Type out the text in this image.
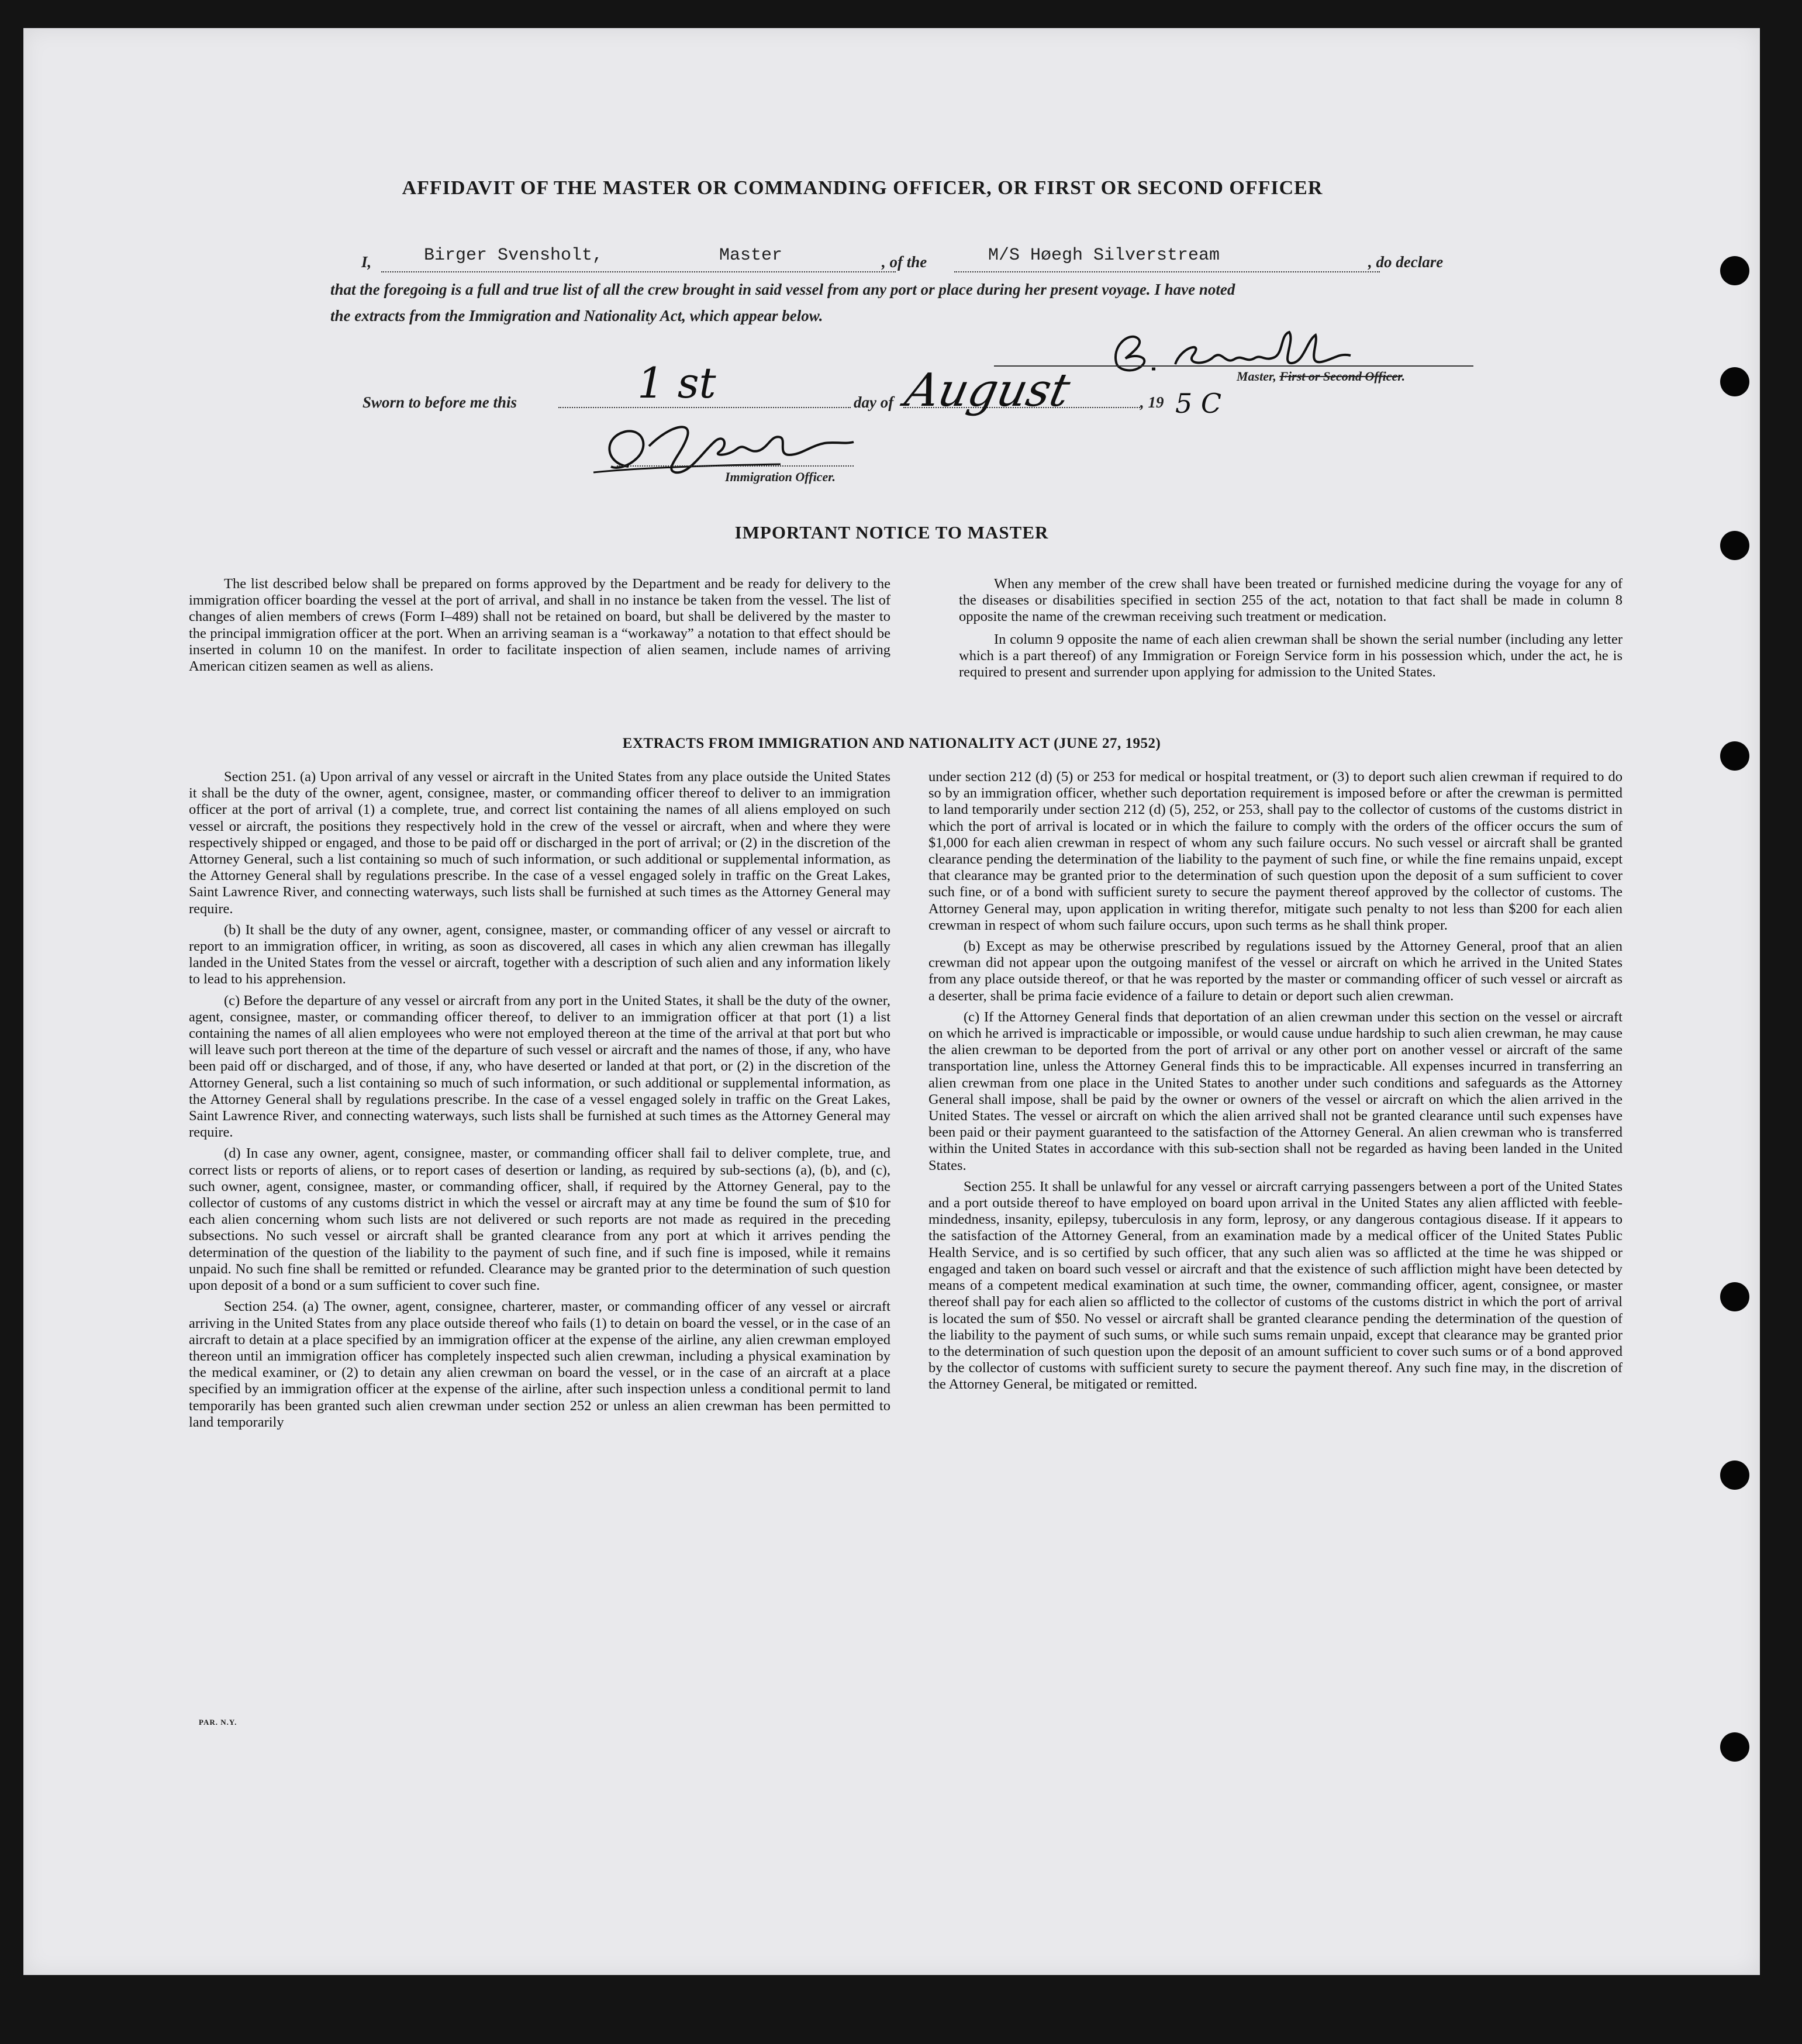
AFFIDAVIT OF THE MASTER OR COMMANDING OFFICER, OR FIRST OR SECOND OFFICER
I,	Birger Svensholt,	Master	, of the	M/S Høegh Silverstream	, do declare
that the foregoing is a full and true list of all the crew brought in said vessel from any port or place during her present voyage. I have noted
the extracts from the Immigration and Nationality Act, which appear below.
Master, First or Second Officer.
Sworn to before me this	1 st	day of August	, 19 5 C
Immigration Officer.
IMPORTANT NOTICE TO MASTER

The list described below shall be prepared on forms approved by the Department and be ready for delivery to the immigration officer boarding the vessel at the port of arrival, and shall in no instance be taken from the vessel. The list of changes of alien members of crews (Form I–489) shall not be retained on board, but shall be delivered by the master to the principal immigration officer at the port. When an arriving seaman is a “workaway” a notation to that effect should be inserted in column 10 on the manifest. In order to facilitate inspection of alien seamen, include names of arriving American citizen seamen as well as aliens.

When any member of the crew shall have been treated or furnished medicine during the voyage for any of the diseases or disabilities specified in section 255 of the act, notation to that fact shall be made in column 8 opposite the name of the crewman receiving such treatment or medication.

In column 9 opposite the name of each alien crewman shall be shown the serial number (including any letter which is a part thereof) of any Immigration or Foreign Service form in his possession which, under the act, he is required to present and surrender upon applying for admission to the United States.

EXTRACTS FROM IMMIGRATION AND NATIONALITY ACT (JUNE 27, 1952)

Section 251. (a) Upon arrival of any vessel or aircraft in the United States from any place outside the United States it shall be the duty of the owner, agent, consignee, master, or commanding officer thereof to deliver to an immigration officer at the port of arrival (1) a complete, true, and correct list containing the names of all aliens employed on such vessel or aircraft, the positions they respectively hold in the crew of the vessel or aircraft, when and where they were respectively shipped or engaged, and those to be paid off or discharged in the port of arrival; or (2) in the discretion of the Attorney General, such a list containing so much of such information, or such additional or supplemental information, as the Attorney General shall by regulations prescribe. In the case of a vessel engaged solely in traffic on the Great Lakes, Saint Lawrence River, and connecting waterways, such lists shall be furnished at such times as the Attorney General may require.

(b) It shall be the duty of any owner, agent, consignee, master, or commanding officer of any vessel or aircraft to report to an immigration officer, in writing, as soon as discovered, all cases in which any alien crewman has illegally landed in the United States from the vessel or aircraft, together with a description of such alien and any information likely to lead to his apprehension.

(c) Before the departure of any vessel or aircraft from any port in the United States, it shall be the duty of the owner, agent, consignee, master, or commanding officer thereof, to deliver to an immigration officer at that port (1) a list containing the names of all alien employees who were not employed thereon at the time of the arrival at that port but who will leave such port thereon at the time of the departure of such vessel or aircraft and the names of those, if any, who have been paid off or discharged, and of those, if any, who have deserted or landed at that port, or (2) in the discretion of the Attorney General, such a list containing so much of such information, or such additional or supplemental information, as the Attorney General shall by regulations prescribe. In the case of a vessel engaged solely in traffic on the Great Lakes, Saint Lawrence River, and connecting waterways, such lists shall be furnished at such times as the Attorney General may require.

(d) In case any owner, agent, consignee, master, or commanding officer shall fail to deliver complete, true, and correct lists or reports of aliens, or to report cases of desertion or landing, as required by sub-sections (a), (b), and (c), such owner, agent, consignee, master, or commanding officer, shall, if required by the Attorney General, pay to the collector of customs of any customs district in which the vessel or aircraft may at any time be found the sum of $10 for each alien concerning whom such lists are not delivered or such reports are not made as required in the preceding subsections. No such vessel or aircraft shall be granted clearance from any port at which it arrives pending the determination of the question of the liability to the payment of such fine, and if such fine is imposed, while it remains unpaid. No such fine shall be remitted or refunded. Clearance may be granted prior to the determination of such question upon deposit of a bond or a sum sufficient to cover such fine.

Section 254. (a) The owner, agent, consignee, charterer, master, or commanding officer of any vessel or aircraft arriving in the United States from any place outside thereof who fails (1) to detain on board the vessel, or in the case of an aircraft to detain at a place specified by an immigration officer at the expense of the airline, any alien crewman employed thereon until an immigration officer has completely inspected such alien crewman, including a physical examination by the medical examiner, or (2) to detain any alien crewman on board the vessel, or in the case of an aircraft at a place specified by an immigration officer at the expense of the airline, after such inspection unless a conditional permit to land temporarily has been granted such alien crewman under section 252 or unless an alien crewman has been permitted to land temporarily

under section 212 (d) (5) or 253 for medical or hospital treatment, or (3) to deport such alien crewman if required to do so by an immigration officer, whether such deportation requirement is imposed before or after the crewman is permitted to land temporarily under section 212 (d) (5), 252, or 253, shall pay to the collector of customs of the customs district in which the port of arrival is located or in which the failure to comply with the orders of the officer occurs the sum of $1,000 for each alien crewman in respect of whom any such failure occurs. No such vessel or aircraft shall be granted clearance pending the determination of the liability to the payment of such fine, or while the fine remains unpaid, except that clearance may be granted prior to the determination of such question upon the deposit of a sum sufficient to cover such fine, or of a bond with sufficient surety to secure the payment thereof approved by the collector of customs. The Attorney General may, upon application in writing therefor, mitigate such penalty to not less than $200 for each alien crewman in respect of whom such failure occurs, upon such terms as he shall think proper.

(b) Except as may be otherwise prescribed by regulations issued by the Attorney General, proof that an alien crewman did not appear upon the outgoing manifest of the vessel or aircraft on which he arrived in the United States from any place outside thereof, or that he was reported by the master or commanding officer of such vessel or aircraft as a deserter, shall be prima facie evidence of a failure to detain or deport such alien crewman.

(c) If the Attorney General finds that deportation of an alien crewman under this section on the vessel or aircraft on which he arrived is impracticable or impossible, or would cause undue hardship to such alien crewman, he may cause the alien crewman to be deported from the port of arrival or any other port on another vessel or aircraft of the same transportation line, unless the Attorney General finds this to be impracticable. All expenses incurred in transferring an alien crewman from one place in the United States to another under such conditions and safeguards as the Attorney General shall impose, shall be paid by the owner or owners of the vessel or aircraft on which the alien arrived in the United States. The vessel or aircraft on which the alien arrived shall not be granted clearance until such expenses have been paid or their payment guaranteed to the satisfaction of the Attorney General. An alien crewman who is transferred within the United States in accordance with this sub-section shall not be regarded as having been landed in the United States.

Section 255. It shall be unlawful for any vessel or aircraft carrying passengers between a port of the United States and a port outside thereof to have employed on board upon arrival in the United States any alien afflicted with feeble-mindedness, insanity, epilepsy, tuberculosis in any form, leprosy, or any dangerous contagious disease. If it appears to the satisfaction of the Attorney General, from an examination made by a medical officer of the United States Public Health Service, and is so certified by such officer, that any such alien was so afflicted at the time he was shipped or engaged and taken on board such vessel or aircraft and that the existence of such affliction might have been detected by means of a competent medical examination at such time, the owner, commanding officer, agent, consignee, or master thereof shall pay for each alien so afflicted to the collector of customs of the customs district in which the port of arrival is located the sum of $50. No vessel or aircraft shall be granted clearance pending the determination of the question of the liability to the payment of such sums, or while such sums remain unpaid, except that clearance may be granted prior to the determination of such question upon the deposit of an amount sufficient to cover such sums or of a bond approved by the collector of customs with sufficient surety to secure the payment thereof. Any such fine may, in the discretion of the Attorney General, be mitigated or remitted.

PAR. N.Y.
